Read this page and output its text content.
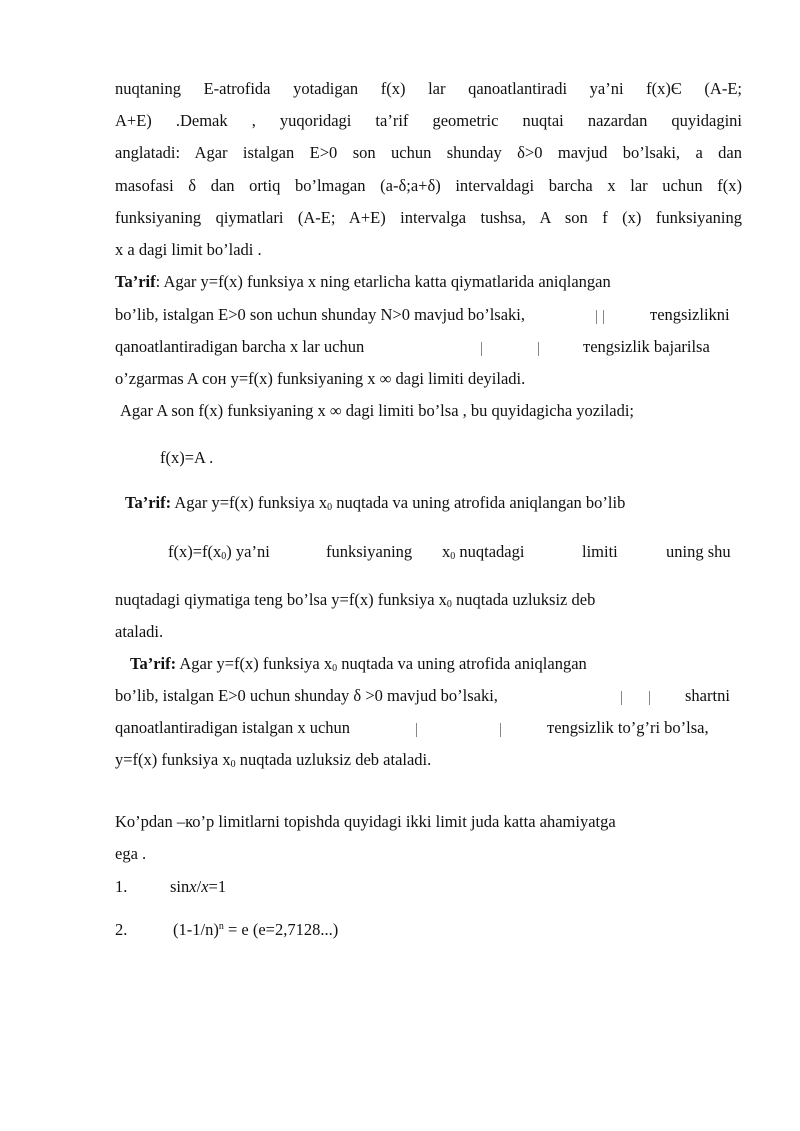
nuqtaning E-atrofida yotadigan f(x) lar qanoatlantiradi ya’ni f(x)Є (A-E;
A+E) .Demak , yuqoridagi ta’rif geometric nuqtai nazardan quyidagini
anglatadi: Agar istalgan E>0 son uchun shunday δ>0 mavjud bo’lsaki, a dan
masofasi δ dan ortiq bo’lmagan (a-δ;a+δ) intervaldagi barcha x lar uchun f(x)
funksiyaning qiymatlari (A-E; A+E) intervalga tushsa, A son f (x) funksiyaning
x a dagi limit bo’ladi .
Ta’rif: Agar y=f(x) funksiya x ning etarlicha katta qiymatlarida aniqlangan
bo’lib, istalgan E>0 son uchun shunday N>0 mavjud bo’lsaki,
	тengsizlikni
qanoatlantiradigan barcha x lar uchun	тengsizlik bajarilsa
o’zgarmas A сон y=f(x) funksiyaning x ∞ dagi limiti deyiladi.
Agar A son f(x) funksiyaning x ∞ dagi limiti bo’lsa , bu quyidagicha yoziladi;
f(x)=A .
Ta’rif: Agar y=f(x) funksiya $x_0$ nuqtada va uning atrofida aniqlangan bo’lib
$f(x)=f(x_0)$ ya’ni	funksiyaning $x_0$ nuqtadagi	limiti	uning shu
nuqtadagi qiymatiga teng bo’lsa y=f(x) funksiya $x_0$ nuqtada uzluksiz deb
ataladi.
Ta’rif: Agar y=f(x) funksiya $x_0$ nuqtada va uning atrofida aniqlangan
bo’lib, istalgan E>0 uchun shunday δ >0 mavjud bo’lsaki,	shartni
qanoatlantiradigan istalgan x uchun	тengsizlik to’g’ri bo’lsa,
y=f(x) funksiya $x_0$ nuqtada uzluksiz deb ataladi.
Ko’pdan –ко’p limitlarni topishda quyidagi ikki limit juda katta ahamiyatga
ega .
1.	sinx/x=1
2.	$(1-1/n)^n = e$ (e=2,7128...)
